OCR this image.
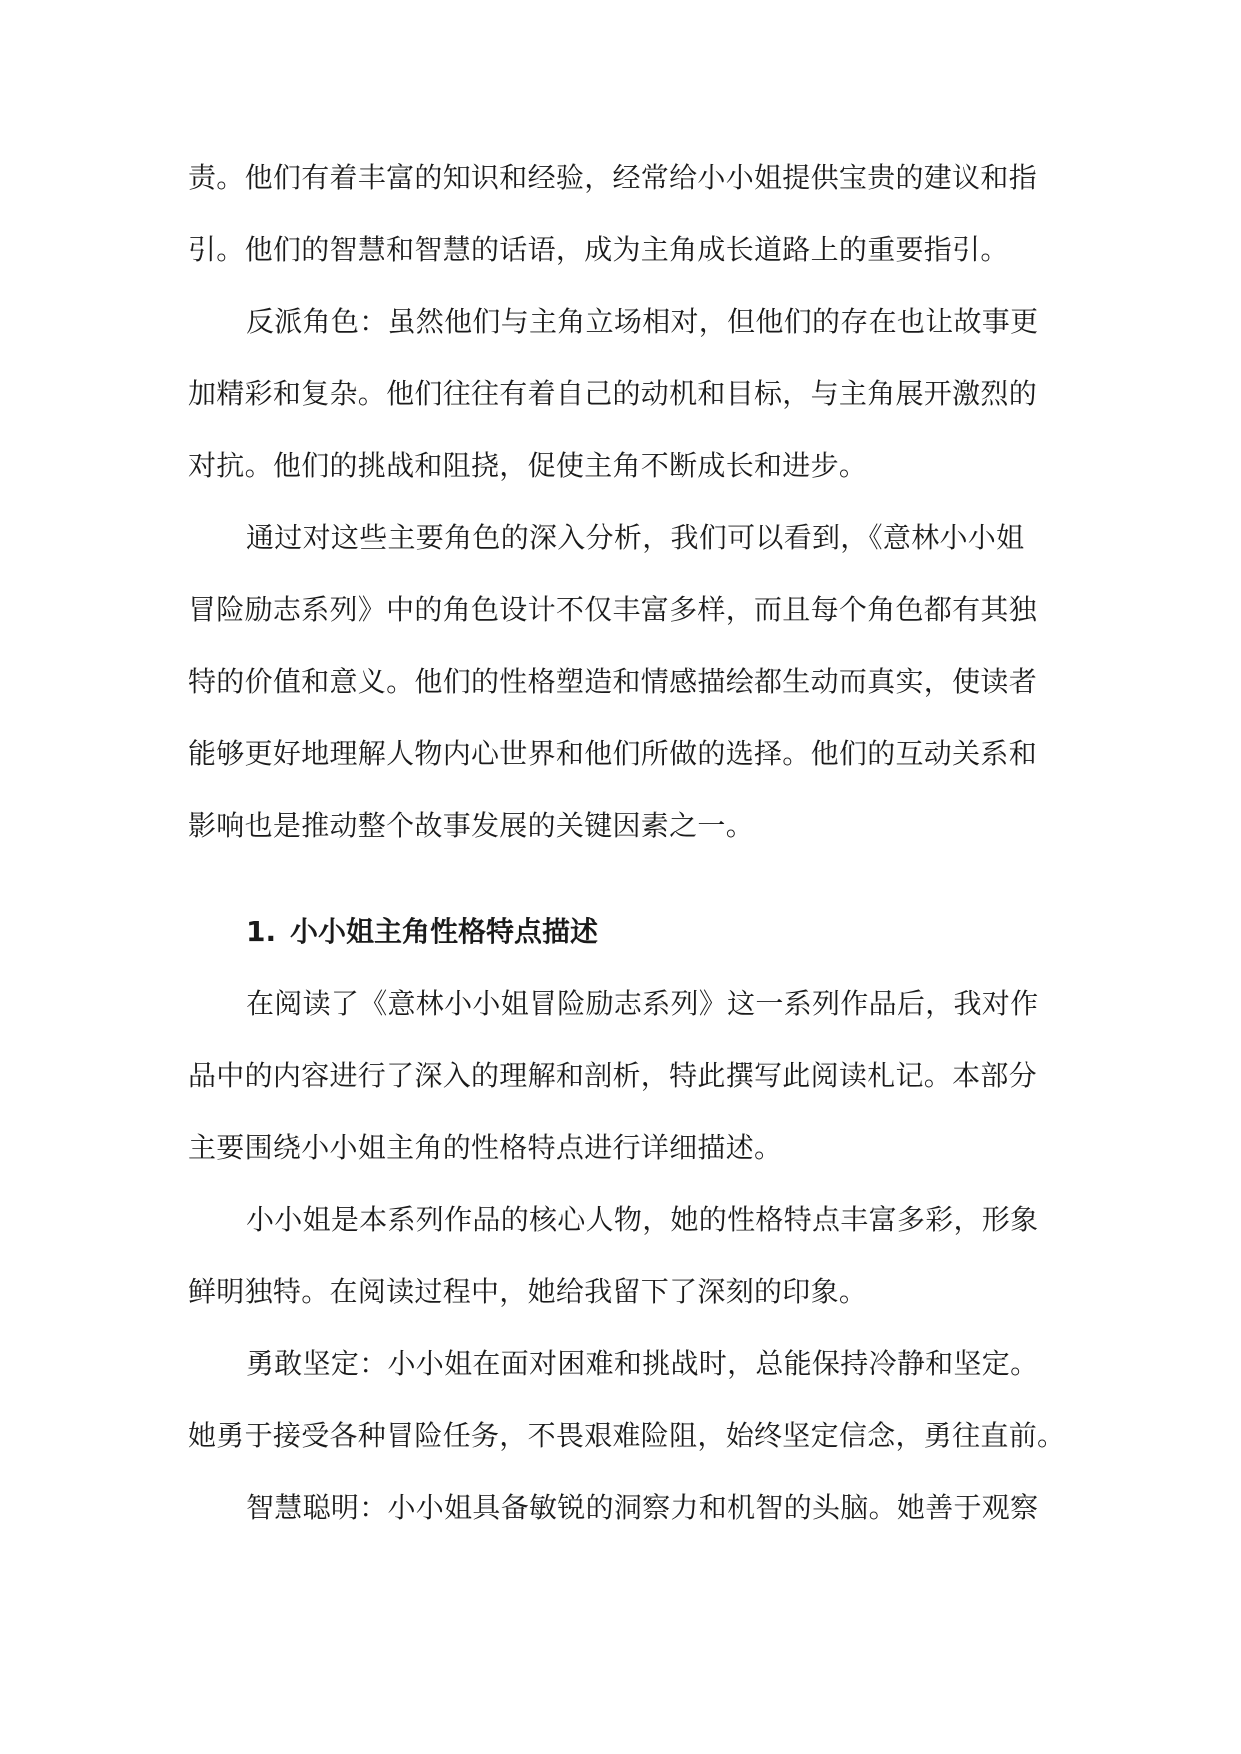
责。他们有着丰富的知识和经验，经常给小小姐提供宝贵的建议和指
引。他们的智慧和智慧的话语，成为主角成长道路上的重要指引。
反派角色：虽然他们与主角立场相对，但他们的存在也让故事更
加精彩和复杂。他们往往有着自己的动机和目标，与主角展开激烈的
对抗。他们的挑战和阻挠，促使主角不断成长和进步。
通过对这些主要角色的深入分析，我们可以看到，《意林小小姐
冒险励志系列》中的角色设计不仅丰富多样，而且每个角色都有其独
特的价值和意义。他们的性格塑造和情感描绘都生动而真实，使读者
能够更好地理解人物内心世界和他们所做的选择。他们的互动关系和
影响也是推动整个故事发展的关键因素之一。
1. 小小姐主角性格特点描述
在阅读了《意林小小姐冒险励志系列》这一系列作品后，我对作
品中的内容进行了深入的理解和剖析，特此撰写此阅读札记。本部分
主要围绕小小姐主角的性格特点进行详细描述。
小小姐是本系列作品的核心人物，她的性格特点丰富多彩，形象
鲜明独特。在阅读过程中，她给我留下了深刻的印象。
勇敢坚定：小小姐在面对困难和挑战时，总能保持冷静和坚定。
她勇于接受各种冒险任务，不畏艰难险阻，始终坚定信念，勇往直前。
智慧聪明：小小姐具备敏锐的洞察力和机智的头脑。她善于观察
